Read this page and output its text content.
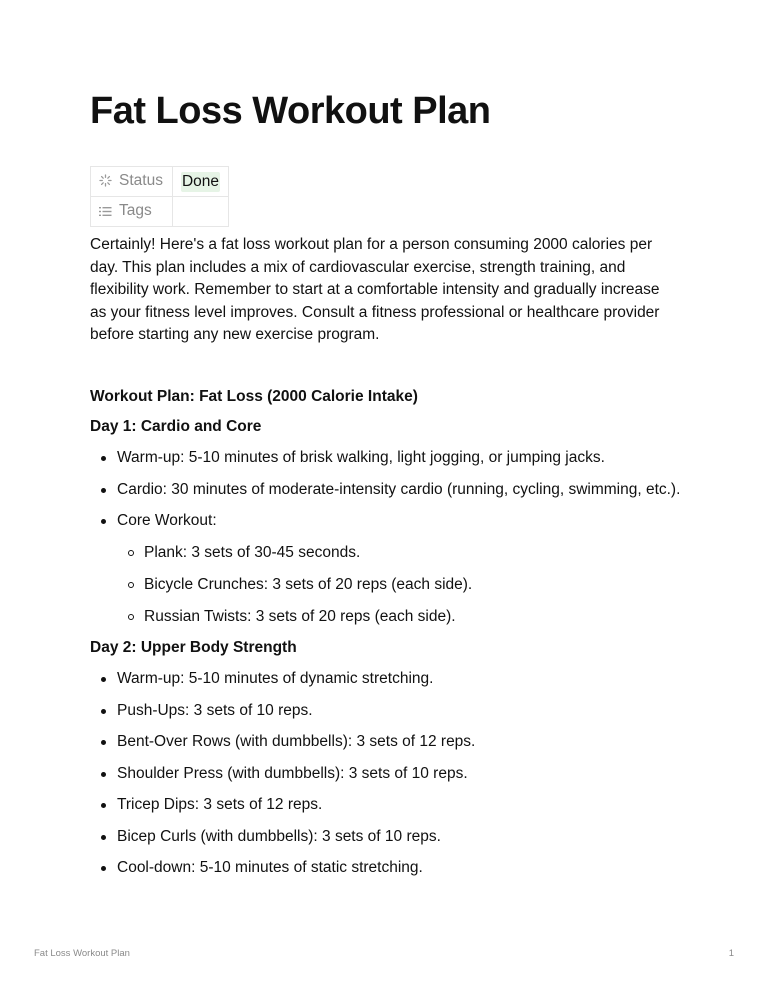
Fat Loss Workout Plan
Status	Done
Tags	

Certainly! Here's a fat loss workout plan for a person consuming 2000 calories per day. This plan includes a mix of cardiovascular exercise, strength training, and flexibility work. Remember to start at a comfortable intensity and gradually increase as your fitness level improves. Consult a fitness professional or healthcare provider before starting any new exercise program.

Workout Plan: Fat Loss (2000 Calorie Intake)
Day 1: Cardio and Core
Warm-up: 5-10 minutes of brisk walking, light jogging, or jumping jacks.
Cardio: 30 minutes of moderate-intensity cardio (running, cycling, swimming, etc.).
Core Workout:
Plank: 3 sets of 30-45 seconds.
Bicycle Crunches: 3 sets of 20 reps (each side).
Russian Twists: 3 sets of 20 reps (each side).
Day 2: Upper Body Strength
Warm-up: 5-10 minutes of dynamic stretching.
Push-Ups: 3 sets of 10 reps.
Bent-Over Rows (with dumbbells): 3 sets of 12 reps.
Shoulder Press (with dumbbells): 3 sets of 10 reps.
Tricep Dips: 3 sets of 12 reps.
Bicep Curls (with dumbbells): 3 sets of 10 reps.
Cool-down: 5-10 minutes of static stretching.
Fat Loss Workout Plan	1
